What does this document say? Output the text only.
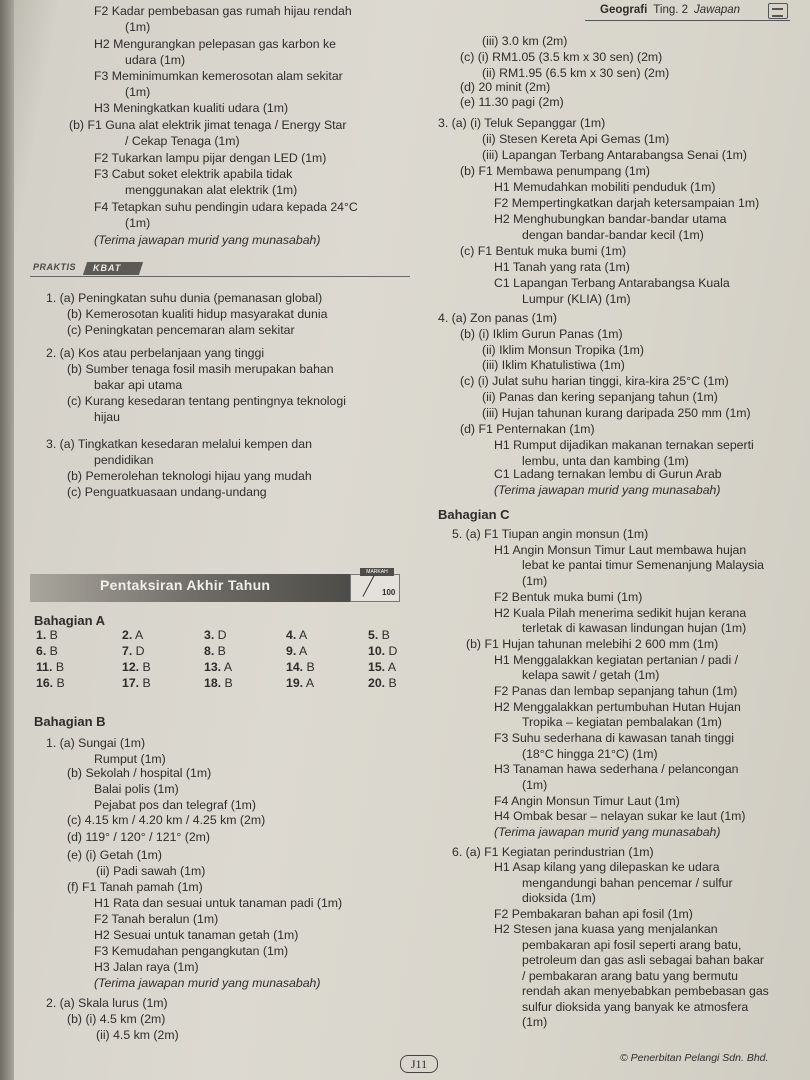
Geografi Ting. 2 Jawapan
F2 Kadar pembebasan gas rumah hijau rendah
(1m)
H2 Mengurangkan pelepasan gas karbon ke
udara (1m)
F3 Meminimumkan kemerosotan alam sekitar
(1m)
H3 Meningkatkan kualiti udara (1m)
(b) F1 Guna alat elektrik jimat tenaga / Energy Star
/ Cekap Tenaga (1m)
F2 Tukarkan lampu pijar dengan LED (1m)
F3 Cabut soket elektrik apabila tidak
menggunakan alat elektrik (1m)
F4 Tetapkan suhu pendingin udara kepada 24°C
(1m)
(Terima jawapan murid yang munasabah)
1. (a) Peningkatan suhu dunia (pemanasan global)
(b) Kemerosotan kualiti hidup masyarakat dunia
(c) Peningkatan pencemaran alam sekitar
2. (a) Kos atau perbelanjaan yang tinggi
(b) Sumber tenaga fosil masih merupakan bahan
bakar api utama
(c) Kurang kesedaran tentang pentingnya teknologi
hijau
3. (a) Tingkatkan kesedaran melalui kempen dan
pendidikan
(b) Pemerolehan teknologi hijau yang mudah
(c) Penguatkuasaan undang-undang
Bahagian A
Bahagian B
1. (a) Sungai (1m)
Rumput (1m)
(b) Sekolah / hospital (1m)
Balai polis (1m)
Pejabat pos dan telegraf (1m)
(c) 4.15 km / 4.20 km / 4.25 km (2m)
(d) 119° / 120° / 121° (2m)
(e) (i) Getah (1m)
(ii) Padi sawah (1m)
(f) F1 Tanah pamah (1m)
H1 Rata dan sesuai untuk tanaman padi (1m)
F2 Tanah beralun (1m)
H2 Sesuai untuk tanaman getah (1m)
F3 Kemudahan pengangkutan (1m)
H3 Jalan raya (1m)
(Terima jawapan murid yang munasabah)
2. (a) Skala lurus (1m)
(b) (i) 4.5 km (2m)
(ii) 4.5 km (2m)
1. B	2. A	3. D	4. A	5. B
6. B	7. D	8. B	9. A	10. D
11. B	12. B	13. A	14. B	15. A
16. B	17. B	18. B	19. A	20. B
(iii) 3.0 km (2m)
(c) (i) RM1.05 (3.5 km x 30 sen) (2m)
(ii) RM1.95 (6.5 km x 30 sen) (2m)
(d) 20 minit (2m)
(e) 11.30 pagi (2m)
3. (a) (i) Teluk Sepanggar (1m)
(ii) Stesen Kereta Api Gemas (1m)
(iii) Lapangan Terbang Antarabangsa Senai (1m)
(b) F1 Membawa penumpang (1m)
H1 Memudahkan mobiliti penduduk (1m)
F2 Mempertingkatkan darjah ketersampaian 1m)
H2 Menghubungkan bandar-bandar utama
dengan bandar-bandar kecil (1m)
(c) F1 Bentuk muka bumi (1m)
H1 Tanah yang rata (1m)
C1 Lapangan Terbang Antarabangsa Kuala
Lumpur (KLIA) (1m)
4. (a) Zon panas (1m)
(b) (i) Iklim Gurun Panas (1m)
(ii) Iklim Monsun Tropika (1m)
(iii) Iklim Khatulistiwa (1m)
(c) (i) Julat suhu harian tinggi, kira-kira 25°C (1m)
(ii) Panas dan kering sepanjang tahun (1m)
(iii) Hujan tahunan kurang daripada 250 mm (1m)
(d) F1 Penternakan (1m)
H1 Rumput dijadikan makanan ternakan seperti
lembu, unta dan kambing (1m)
C1 Ladang ternakan lembu di Gurun Arab
(Terima jawapan murid yang munasabah)
Bahagian C
5. (a) F1 Tiupan angin monsun (1m)
H1 Angin Monsun Timur Laut membawa hujan
lebat ke pantai timur Semenanjung Malaysia
(1m)
F2 Bentuk muka bumi (1m)
H2 Kuala Pilah menerima sedikit hujan kerana
terletak di kawasan lindungan hujan (1m)
(b) F1 Hujan tahunan melebihi 2 600 mm (1m)
H1 Menggalakkan kegiatan pertanian / padi /
kelapa sawit / getah (1m)
F2 Panas dan lembap sepanjang tahun (1m)
H2 Menggalakkan pertumbuhan Hutan Hujan
Tropika – kegiatan pembalakan (1m)
F3 Suhu sederhana di kawasan tanah tinggi
(18°C hingga 21°C) (1m)
H3 Tanaman hawa sederhana / pelancongan
(1m)
F4 Angin Monsun Timur Laut (1m)
H4 Ombak besar – nelayan sukar ke laut (1m)
(Terima jawapan murid yang munasabah)
6. (a) F1 Kegiatan perindustrian (1m)
H1 Asap kilang yang dilepaskan ke udara
mengandungi bahan pencemar / sulfur
dioksida (1m)
F2 Pembakaran bahan api fosil (1m)
H2 Stesen jana kuasa yang menjalankan
pembakaran api fosil seperti arang batu,
petroleum dan gas asli sebagai bahan bakar
/ pembakaran arang batu yang bermutu
rendah akan menyebabkan pembebasan gas
sulfur dioksida yang banyak ke atmosfera
(1m)
PRAKTIS KBAT
Pentaksiran Akhir Tahun
MARKAH
100
J11	© Penerbitan Pelangi Sdn. Bhd.
